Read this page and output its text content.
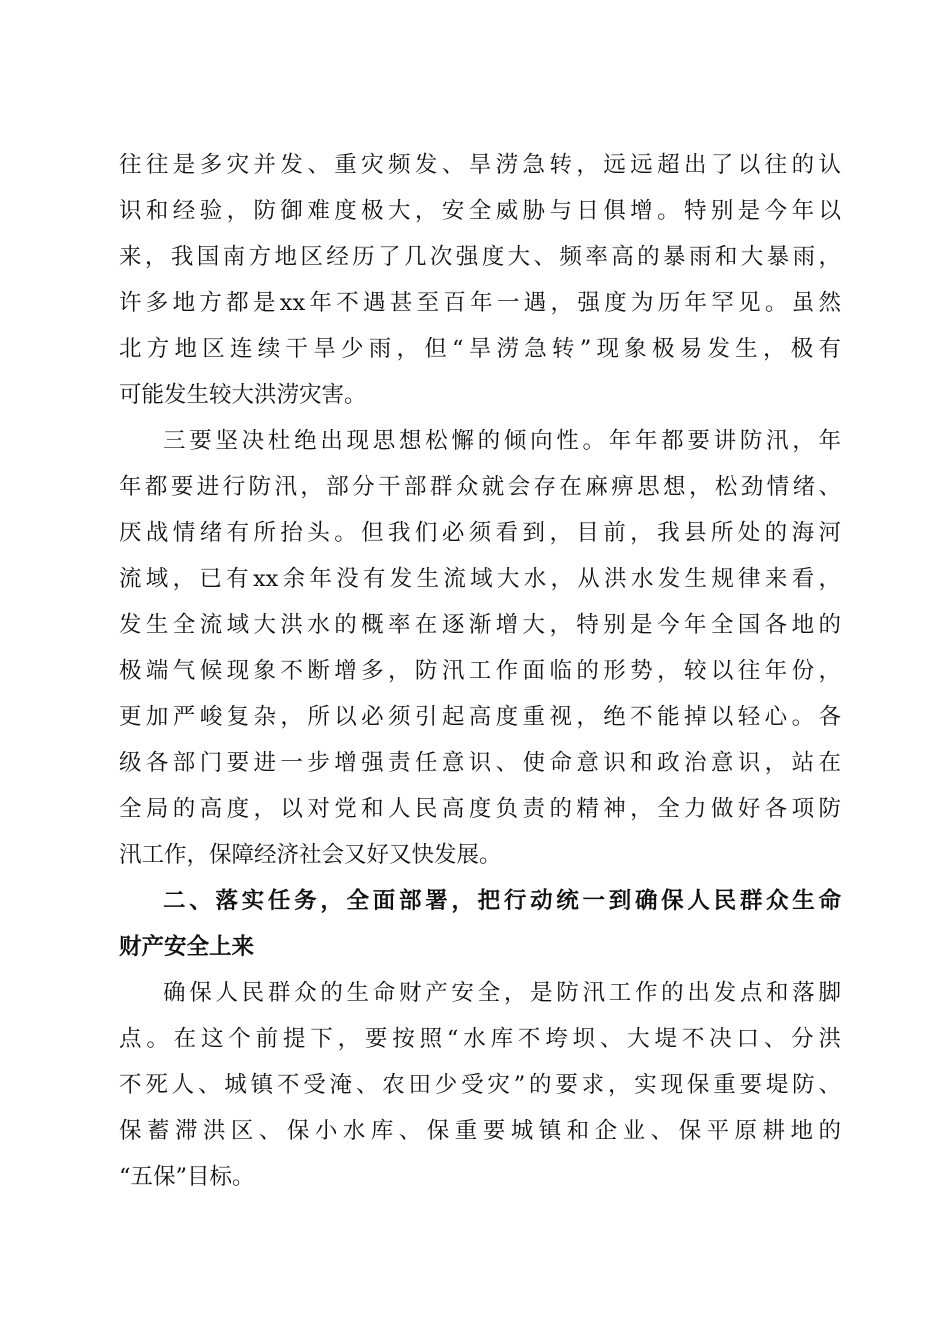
往往是多灾并发、重灾频发、旱涝急转，远远超出了以往的认
识和经验，防御难度极大，安全威胁与日俱增。特别是今年以
来，我国南方地区经历了几次强度大、频率高的暴雨和大暴雨，
许多地方都是xx年不遇甚至百年一遇，强度为历年罕见。虽然
北方地区连续干旱少雨，但“旱涝急转”现象极易发生，极有
可能发生较大洪涝灾害。
三要坚决杜绝出现思想松懈的倾向性。年年都要讲防汛，年
年都要进行防汛，部分干部群众就会存在麻痹思想，松劲情绪、
厌战情绪有所抬头。但我们必须看到，目前，我县所处的海河
流域，已有xx余年没有发生流域大水，从洪水发生规律来看，
发生全流域大洪水的概率在逐渐增大，特别是今年全国各地的
极端气候现象不断增多，防汛工作面临的形势，较以往年份，
更加严峻复杂，所以必须引起高度重视，绝不能掉以轻心。各
级各部门要进一步增强责任意识、使命意识和政治意识，站在
全局的高度，以对党和人民高度负责的精神，全力做好各项防
汛工作，保障经济社会又好又快发展。
二、落实任务，全面部署，把行动统一到确保人民群众生命
财产安全上来
确保人民群众的生命财产安全，是防汛工作的出发点和落脚
点。在这个前提下，要按照“水库不垮坝、大堤不决口、分洪
不死人、城镇不受淹、农田少受灾”的要求，实现保重要堤防、
保蓄滞洪区、保小水库、保重要城镇和企业、保平原耕地的
“五保”目标。
